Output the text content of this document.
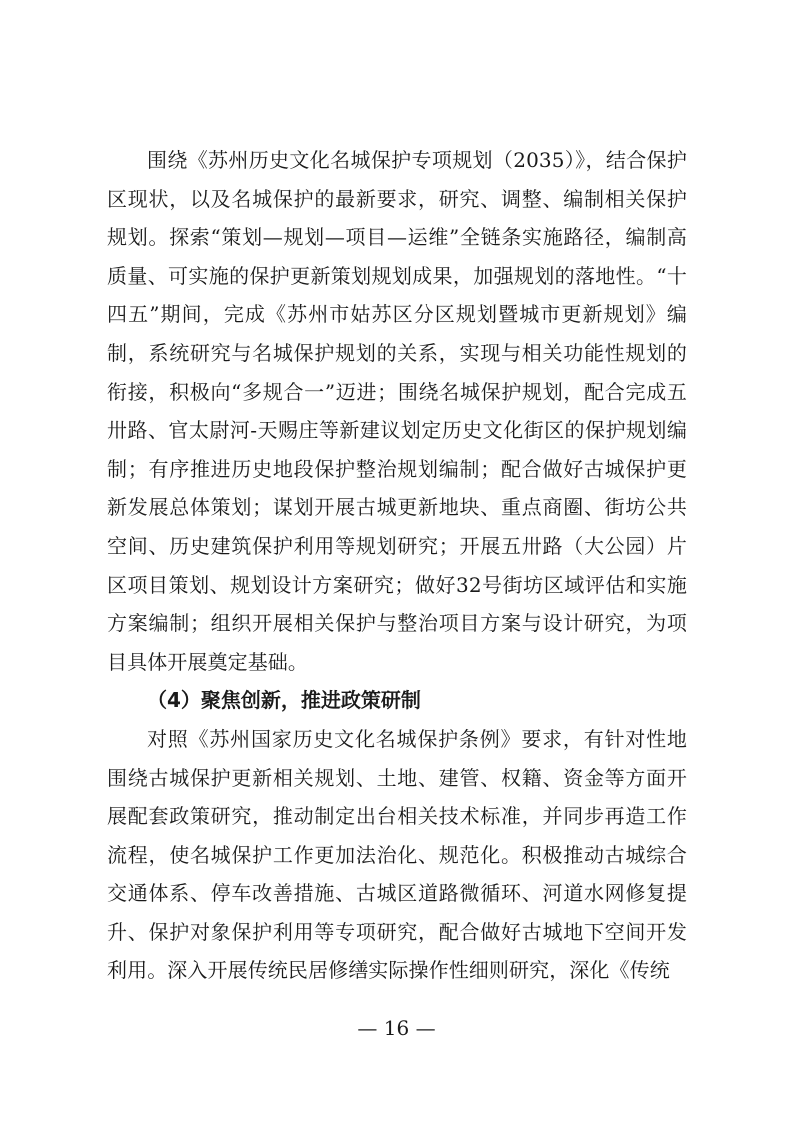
围绕《苏州历史文化名城保护专项规划（2035）》，结合保护区现状，以及名城保护的最新要求，研究、调整、编制相关保护规划。探索“策划—规划—项目—运维”全链条实施路径，编制高质量、可实施的保护更新策划规划成果，加强规划的落地性。“十四五”期间，完成《苏州市姑苏区分区规划暨城市更新规划》编制，系统研究与名城保护规划的关系，实现与相关功能性规划的衔接，积极向“多规合一”迈进；围绕名城保护规划，配合完成五卅路、官太尉河-天赐庄等新建议划定历史文化街区的保护规划编制；有序推进历史地段保护整治规划编制；配合做好古城保护更新发展总体策划；谋划开展古城更新地块、重点商圈、街坊公共空间、历史建筑保护利用等规划研究；开展五卅路（大公园）片区项目策划、规划设计方案研究；做好32号街坊区域评估和实施方案编制；组织开展相关保护与整治项目方案与设计研究，为项目具体开展奠定基础。

（4）聚焦创新，推进政策研制

对照《苏州国家历史文化名城保护条例》要求，有针对性地围绕古城保护更新相关规划、土地、建管、权籍、资金等方面开展配套政策研究，推动制定出台相关技术标准，并同步再造工作流程，使名城保护工作更加法治化、规范化。积极推动古城综合交通体系、停车改善措施、古城区道路微循环、河道水网修复提升、保护对象保护利用等专项研究，配合做好古城地下空间开发利用。深入开展传统民居修缮实际操作性细则研究，深化《传统

— 16 —
